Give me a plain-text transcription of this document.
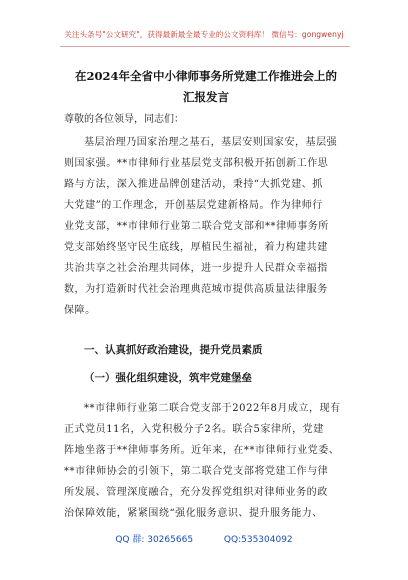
关注头条号"公文研究"，获得最新最全最专业的公文资料库！ 微信号：gongwenyj
在2024年全省中小律师事务所党建工作推进会上的汇报发言
尊敬的各位领导，同志们：
基层治理乃国家治理之基石，基层安则国家安，基层强
则国家强。**市律师行业基层党支部积极开拓创新工作思
路与方法，深入推进品牌创建活动，秉持“大抓党建、抓
大党建”的工作理念，开创基层党建新格局。作为律师行
业党支部，**市律师行业第二联合党支部和**律师事务所
党支部始终坚守民生底线，厚植民生福祉，着力构建共建
共治共享之社会治理共同体，进一步提升人民群众幸福指
数，为打造新时代社会治理典范城市提供高质量法律服务
保障。
一、认真抓好政治建设，提升党员素质
（一）强化组织建设，筑牢党建堡垒
**市律师行业第二联合党支部于2022年8月成立，现有
正式党员11名，入党积极分子2名。联合5家律所，党建
阵地坐落于**律师事务所。近年来，在**市律师行业党委、
**市律师协会的引领下，第二联合党支部将党建工作与律
所发展、管理深度融合，充分发挥党组织对律师业务的政
治保障效能，紧紧围绕“强化服务意识、提升服务能力、
QQ 群: 30265665	QQ:535304092
